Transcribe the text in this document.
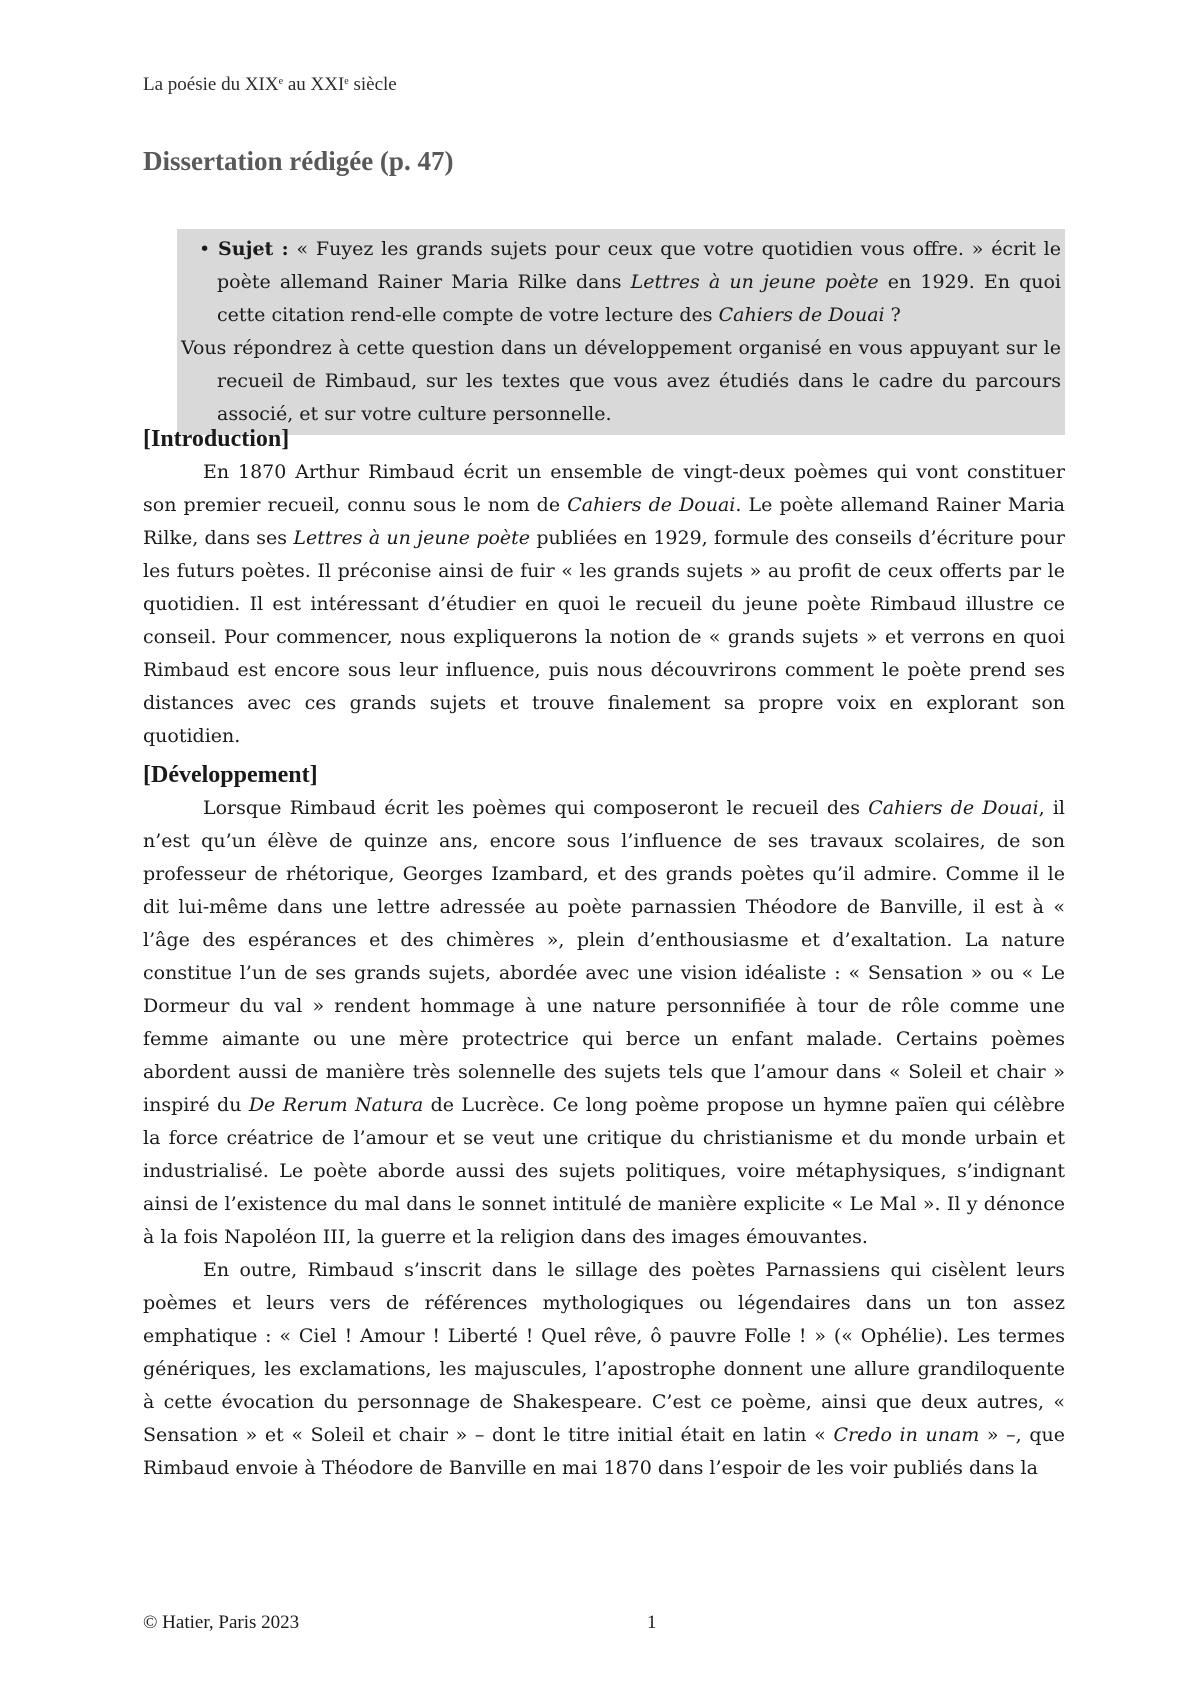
La poésie du XIXe au XXIe siècle
Dissertation rédigée (p. 47)

• Sujet : « Fuyez les grands sujets pour ceux que votre quotidien vous offre. » écrit le poète allemand Rainer Maria Rilke dans Lettres à un jeune poète en 1929. En quoi cette citation rend-elle compte de votre lecture des Cahiers de Douai ?

Vous répondrez à cette question dans un développement organisé en vous appuyant sur le recueil de Rimbaud, sur les textes que vous avez étudiés dans le cadre du parcours associé, et sur votre culture personnelle.

[Introduction]

En 1870 Arthur Rimbaud écrit un ensemble de vingt-deux poèmes qui vont constituer son premier recueil, connu sous le nom de Cahiers de Douai. Le poète allemand Rainer Maria Rilke, dans ses Lettres à un jeune poète publiées en 1929, formule des conseils d’écriture pour les futurs poètes. Il préconise ainsi de fuir « les grands sujets » au profit de ceux offerts par le quotidien. Il est intéressant d’étudier en quoi le recueil du jeune poète Rimbaud illustre ce conseil. Pour commencer, nous expliquerons la notion de « grands sujets » et verrons en quoi Rimbaud est encore sous leur influence, puis nous découvrirons comment le poète prend ses distances avec ces grands sujets et trouve finalement sa propre voix en explorant son quotidien.

[Développement]

Lorsque Rimbaud écrit les poèmes qui composeront le recueil des Cahiers de Douai, il n’est qu’un élève de quinze ans, encore sous l’influence de ses travaux scolaires, de son professeur de rhétorique, Georges Izambard, et des grands poètes qu’il admire. Comme il le dit lui-même dans une lettre adressée au poète parnassien Théodore de Banville, il est à « l’âge des espérances et des chimères », plein d’enthousiasme et d’exaltation. La nature constitue l’un de ses grands sujets, abordée avec une vision idéaliste : « Sensation » ou « Le Dormeur du val » rendent hommage à une nature personnifiée à tour de rôle comme une femme aimante ou une mère protectrice qui berce un enfant malade. Certains poèmes abordent aussi de manière très solennelle des sujets tels que l’amour dans « Soleil et chair » inspiré du De Rerum Natura de Lucrèce. Ce long poème propose un hymne païen qui célèbre la force créatrice de l’amour et se veut une critique du christianisme et du monde urbain et industrialisé. Le poète aborde aussi des sujets politiques, voire métaphysiques, s’indignant ainsi de l’existence du mal dans le sonnet intitulé de manière explicite « Le Mal ». Il y dénonce à la fois Napoléon III, la guerre et la religion dans des images émouvantes.

En outre, Rimbaud s’inscrit dans le sillage des poètes Parnassiens qui cisèlent leurs poèmes et leurs vers de références mythologiques ou légendaires dans un ton assez emphatique : « Ciel ! Amour ! Liberté ! Quel rêve, ô pauvre Folle ! » (« Ophélie). Les termes génériques, les exclamations, les majuscules, l’apostrophe donnent une allure grandiloquente à cette évocation du personnage de Shakespeare. C’est ce poème, ainsi que deux autres, « Sensation » et « Soleil et chair » – dont le titre initial était en latin « Credo in unam » –, que Rimbaud envoie à Théodore de Banville en mai 1870 dans l’espoir de les voir publiés dans la

© Hatier, Paris 2023	1
